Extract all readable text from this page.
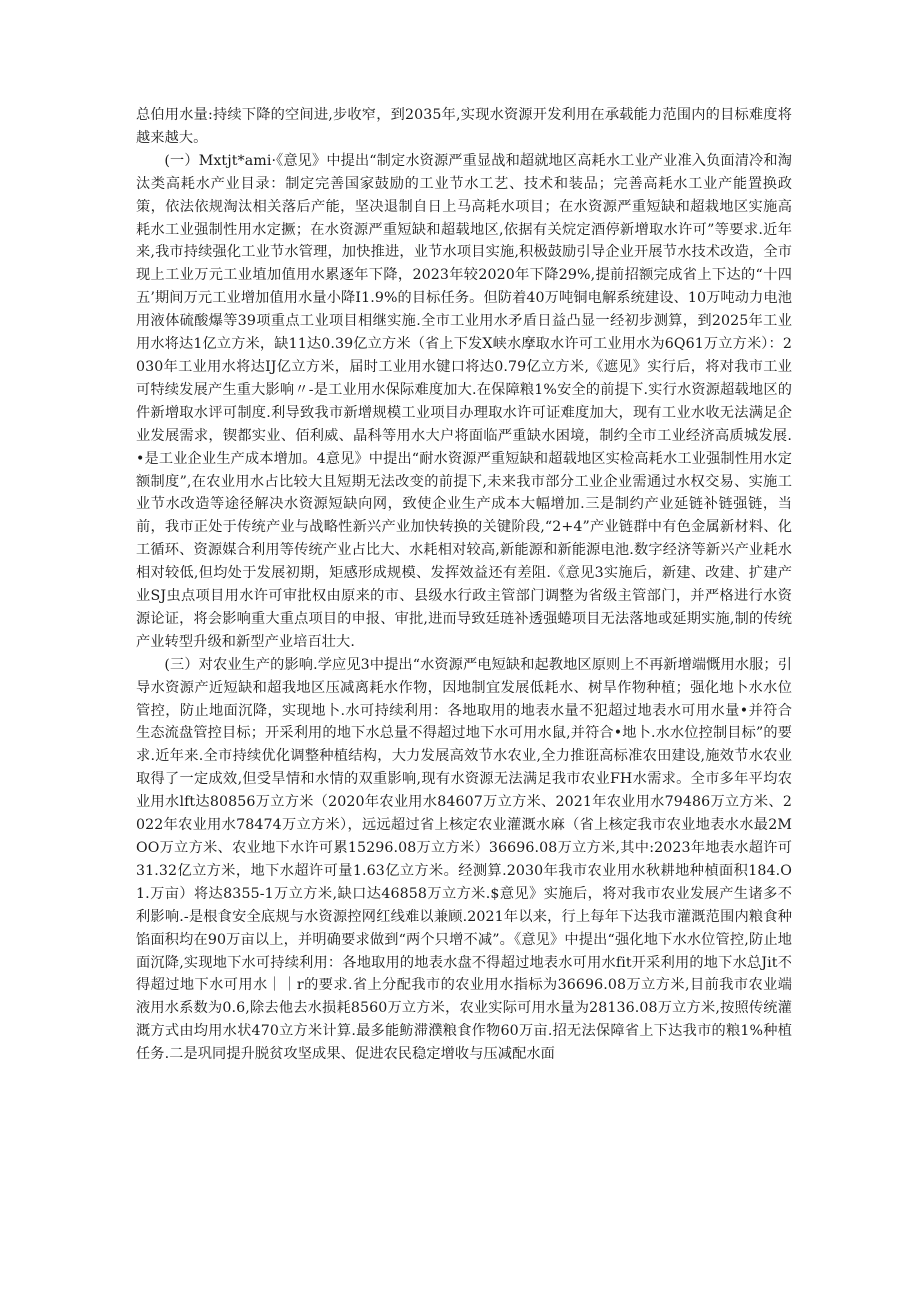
总伯用水量:持续下降的空间进,步收窄，到2035年,实现水资源开发利用在承载能力范围内的目标难度将越来越大。

(一）Mxtjt*ami·《意见》中提出“制定水资源严重显战和超就地区高耗水工业产业准入负面清冷和淘汰类高耗水产业目录：制定完善国家鼓励的工业节水工艺、技术和装品；完善高耗水工业产能置换政策，依法依规淘汰相关落后产能，坚决退制自日上马高耗水项目；在水资源严重短缺和超栽地区实施高耗水工业强制性用水定撅；在水资源严重短缺和超载地区,依据有关烷定酒停新增取水许可”等要求.近年来,我市持续强化工业节水管理，加快推进，业节水项目实施,积极鼓励引导企业开展节水技术改造，全市现上工业万元工业埴加值用水累逐年下降，2023年较2020年下降29%,提前招额完成省上下达的“十四五’期间万元工业增加值用水量小降I1.9%的目标任务。但防着40万吨铜电解系统建设、10万吨动力电池用液体硫酸爆等39项重点工业项目相继实施.全市工业用水矛盾日益凸显一经初步测算，到2025年工业用水将达1亿立方米，缺11达0.39亿立方米（省上下发X峡水摩取水许可工业用水为6Q61万立方米）：2030年工业用水将达IJ亿立方米，届时工业用水键口将达0.79亿立方米,《遮见》实行后，将对我市工业可特续发展产生重大影响〃-是工业用水保际难度加大.在保障粮1%安全的前提下.实行水资源超载地区的件新增取水评可制度.利导致我市新增规模工业项目办理取水许可证难度加大，现有工业水收无法满足企业发展需求，锲都实业、佰利威、晶科等用水大户将面临严重缺水困境，制约全市工业经济高质城发展.•是工业企业生产成本增加。4意见》中提出“耐水资源严重短缺和超载地区实检高耗水工业强制性用水定额制度”,在农业用水占比较大且短期无法改变的前提下,未来我市部分工业企业需通过水权交易、实施工业节水改造等途径解决水资源短缺向网，致使企业生产成本大幅增加.三是制约产业延链补链强链，当前，我市正处于传统产业与战略性新兴产业加快转换的关键阶段,“2+4”产业链群中有色金属新材料、化工循环、资源媒合利用等传统产业占比大、水耗相对较高,新能源和新能源电池.数字经济等新兴产业耗水相对较低,但均处于发展初期，矩感形成规模、发挥效益还有差阻.《意见3实施后，新建、改建、扩建产业SJ虫点项目用水许可审批权由原来的市、县级水行政主管部门调整为省级主管部门，并严格进行水资源论证，将会影响重大重点项目的申报、审批,进而导致廷琏补透强蜷项目无法落地或延期实施,制的传统产业转型升级和新型产业培百壮大.

(三）对农业生产的影响.学应见3中提出“水资源严电短缺和起教地区原则上不再新增端慨用水服；引导水资源产近短缺和超我地区压减离耗水作物，因地制宜发展低耗水、树旱作物种植；强化地卜水水位管控，防止地面沉降，实现地卜.水可持续利用：各地取用的地表水量不犯超过地表水可用水量•并符合生态流盘管控目标；开采利用的地下水总量不得超过地下水可用水鼠,并符合•地卜.水水位控制目标”的要求.近年来.全市持续优化调整种植结构，大力发展高效节水农业,全力推诳高标准农田建设,施效节水农业取得了一定成效,但受旱情和水情的双重影响,现有水资源无法满足我市农业FH水需求。全市多年平均农业用水lft达80856万立方米（2020年农业用水84607万立方米、2021年农业用水79486万立方米、2022年农业用水78474万立方米），远远超过省上核定农业灌溉水麻（省上核定我市农业地表水水最2MOO万立方米、农业地下水许可累15296.08万立方米）36696.08万立方米,其中:2023年地表水超许可31.32亿立方米，地下水超许可量1.63亿立方米。经测算.2030年我市农业用水秋耕地种楨面积184.O1.万亩）将达8355-1万立方米,缺口达46858万立方米.$意见》实施后，将对我市农业发展产生诸多不利影响.-是根食安全底规与水资源控网红线难以兼顾.2021年以来，行上每年下达我市灌溉范围内粮食种馅面积均在90万亩以上，并明确要求做到“两个只增不减”。《意见》中提出“强化地下水水位管控,防止地面沉降,实现地下水可持续利用：各地取用的地表水盘不得超过地表水可用水fit开采利用的地下水总Jit不得超过地下水可用水｜｜r的要求.省上分配我市的农业用水指标为36696.08万立方米,目前我市农业端液用水系数为0.6,除去他去水损耗8560万立方米，农业实际可用水量为28136.08万立方米,按照传统灌溉方式由均用水状470立方米计算.最多能鲂滞濮粮食作物60万亩.招无法保障省上下达我市的粮1%种植任务.二是巩同提升脱贫攻坚成果、促进农民稳定增收与压减配水面
